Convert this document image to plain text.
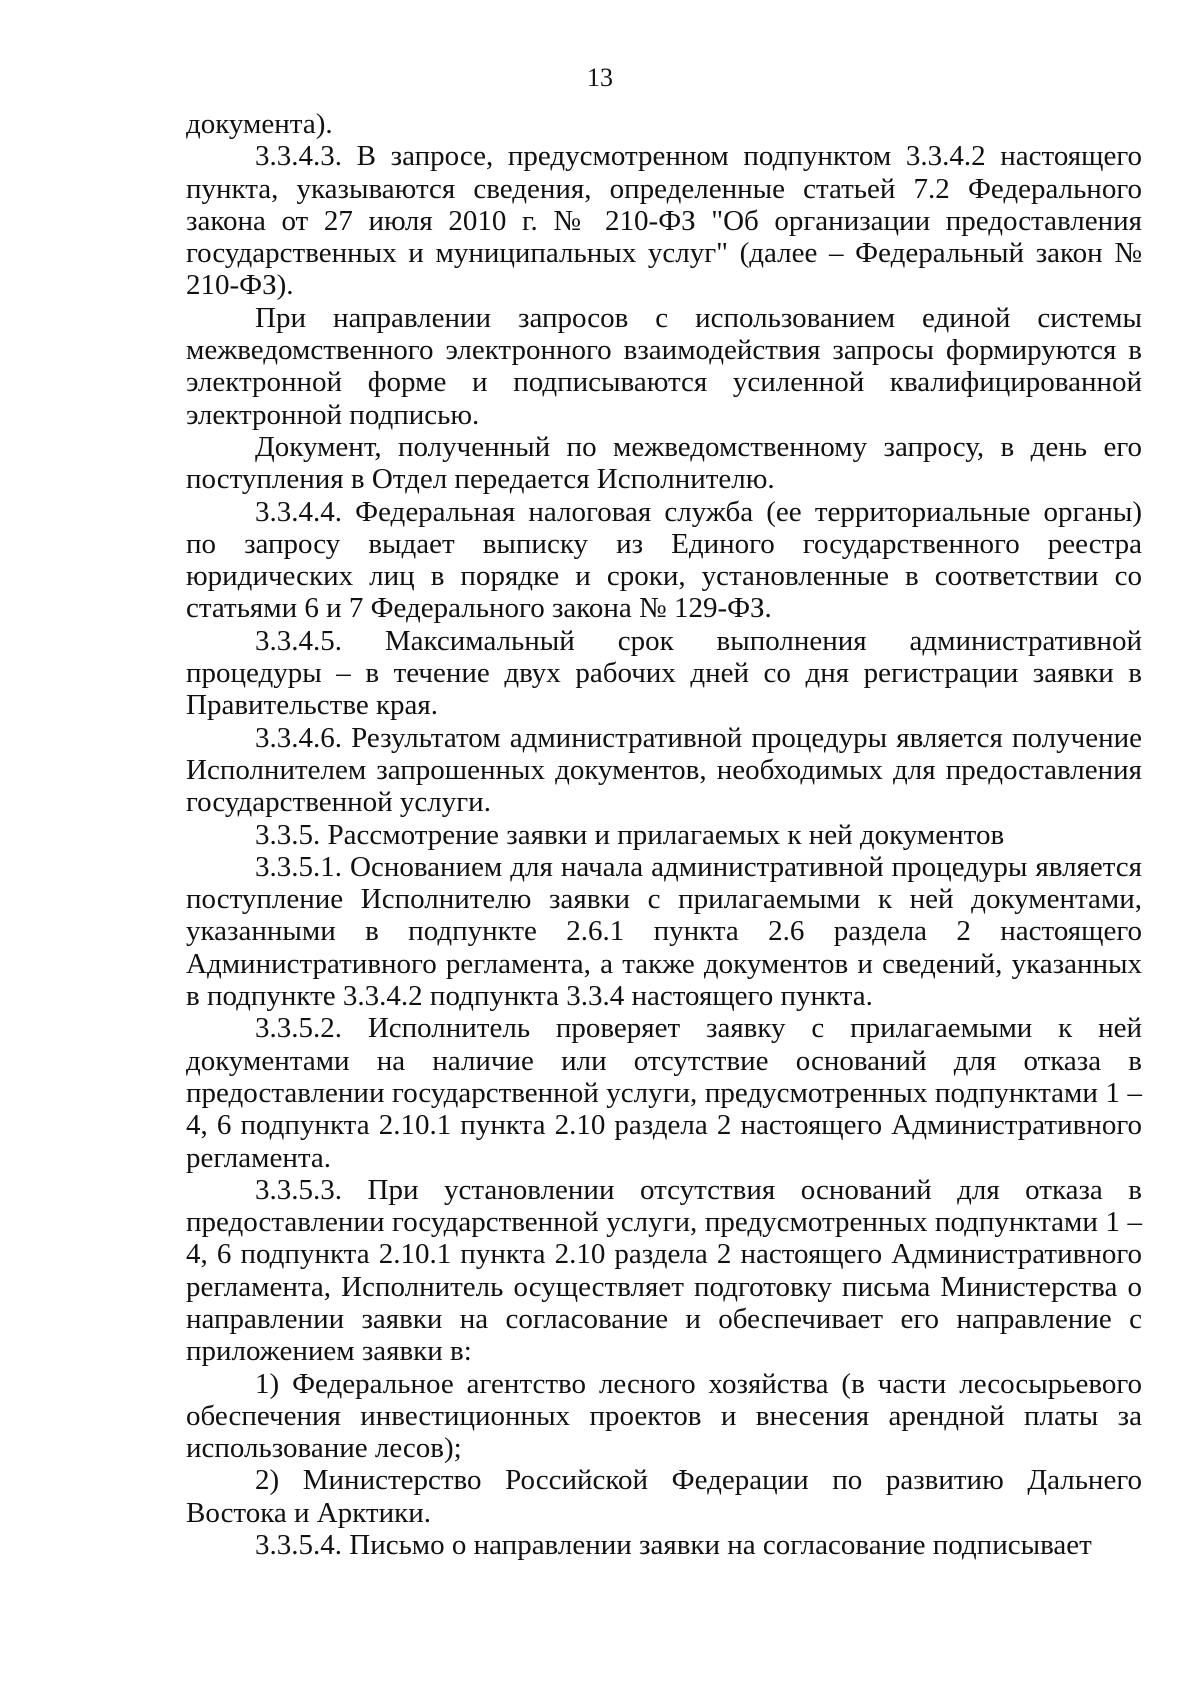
13

документа).

3.3.4.3. В запросе, предусмотренном подпунктом 3.3.4.2 настоящего пункта, указываются сведения, определенные статьей 7.2 Федерального закона от 27 июля 2010 г. № 210-ФЗ "Об организации предоставления государственных и муниципальных услуг" (далее – Федеральный закон № 210-ФЗ).

При направлении запросов с использованием единой системы межведомственного электронного взаимодействия запросы формируются в электронной форме и подписываются усиленной квалифицированной электронной подписью.

Документ, полученный по межведомственному запросу, в день его поступления в Отдел передается Исполнителю.

3.3.4.4. Федеральная налоговая служба (ее территориальные органы) по запросу выдает выписку из Единого государственного реестра юридических лиц в порядке и сроки, установленные в соответствии со статьями 6 и 7 Федерального закона № 129-ФЗ.

3.3.4.5. Максимальный срок выполнения административной процедуры – в течение двух рабочих дней со дня регистрации заявки в Правительстве края.

3.3.4.6. Результатом административной процедуры является получение Исполнителем запрошенных документов, необходимых для предоставления государственной услуги.

3.3.5. Рассмотрение заявки и прилагаемых к ней документов

3.3.5.1. Основанием для начала административной процедуры является поступление Исполнителю заявки с прилагаемыми к ней документами, указанными в подпункте 2.6.1 пункта 2.6 раздела 2 настоящего Административного регламента, а также документов и сведений, указанных в подпункте 3.3.4.2 подпункта 3.3.4 настоящего пункта.

3.3.5.2. Исполнитель проверяет заявку с прилагаемыми к ней документами на наличие или отсутствие оснований для отказа в предоставлении государственной услуги, предусмотренных подпунктами 1 – 4, 6 подпункта 2.10.1 пункта 2.10 раздела 2 настоящего Административного регламента.

3.3.5.3. При установлении отсутствия оснований для отказа в предоставлении государственной услуги, предусмотренных подпунктами 1 – 4, 6 подпункта 2.10.1 пункта 2.10 раздела 2 настоящего Административного регламента, Исполнитель осуществляет подготовку письма Министерства о направлении заявки на согласование и обеспечивает его направление с приложением заявки в:

1) Федеральное агентство лесного хозяйства (в части лесосырьевого обеспечения инвестиционных проектов и внесения арендной платы за использование лесов);

2) Министерство Российской Федерации по развитию Дальнего Востока и Арктики.

3.3.5.4. Письмо о направлении заявки на согласование подписывает
